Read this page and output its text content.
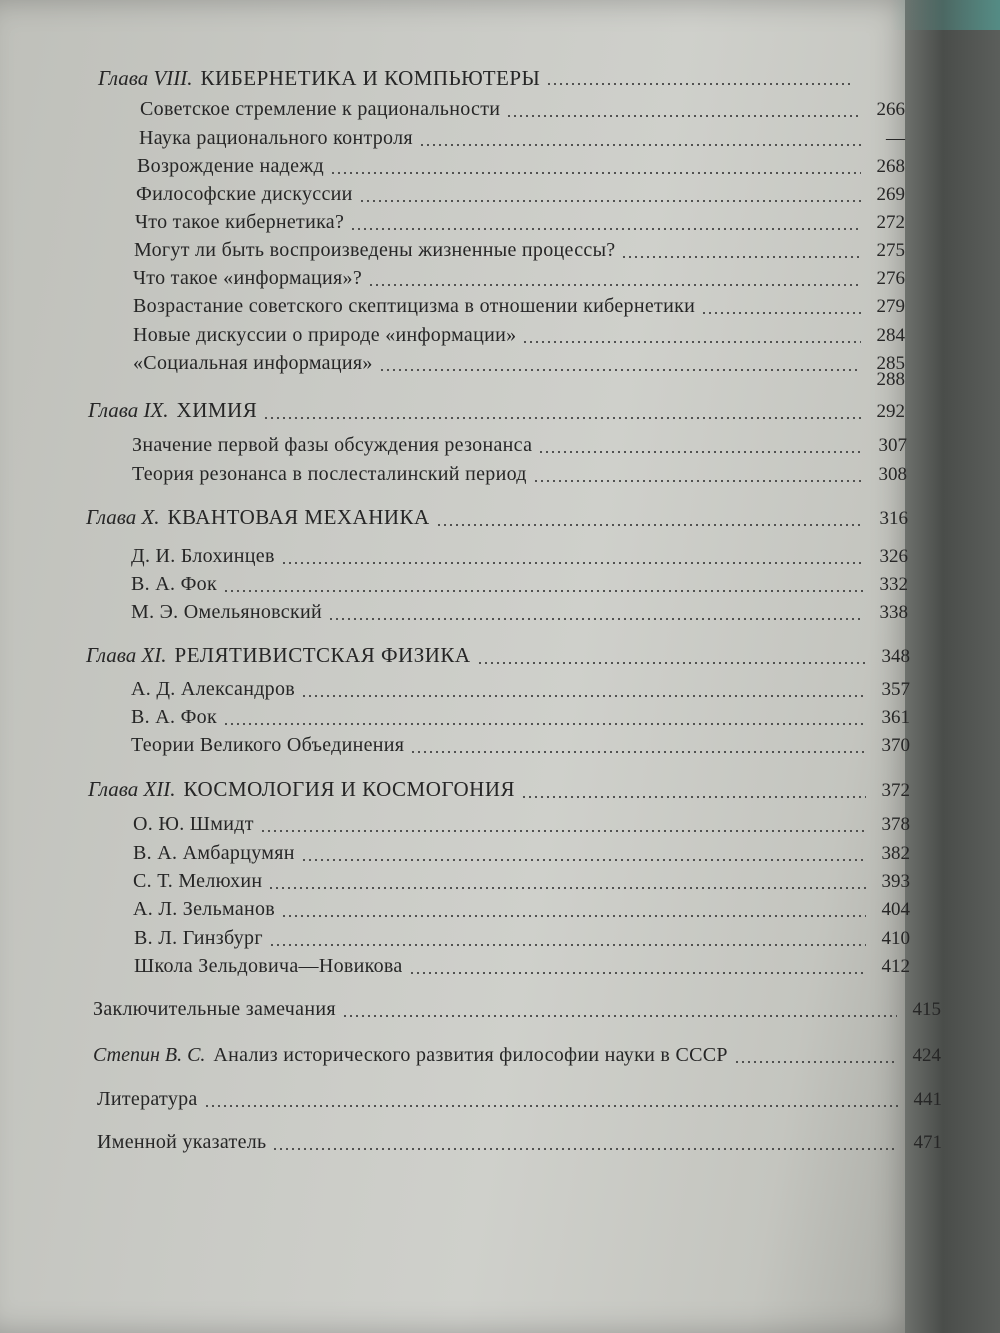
Глава VIII. КИБЕРНЕТИКА И КОМПЬЮТЕРЫ
Советское стремление к рациональности	266
Наука рационального контроля	—
Возрождение надежд	268
Философские дискуссии	269
Что такое кибернетика?	272
Могут ли быть воспроизведены жизненные процессы?	275
Что такое «информация»?	276
Возрастание советского скептицизма в отношении кибернетики	279
Новые дискуссии о природе «информации»	284
«Социальная информация»	285
288
Глава IX. ХИМИЯ	292
Значение первой фазы обсуждения резонанса	307
Теория резонанса в послесталинский период	308
Глава X. КВАНТОВАЯ МЕХАНИКА	316
Д. И. Блохинцев	326
В. А. Фок	332
М. Э. Омельяновский	338
Глава XI. РЕЛЯТИВИСТСКАЯ ФИЗИКА	348
А. Д. Александров	357
В. А. Фок	361
Теории Великого Объединения	370
Глава XII. КОСМОЛОГИЯ И КОСМОГОНИЯ	372
О. Ю. Шмидт	378
В. А. Амбарцумян	382
С. Т. Мелюхин	393
А. Л. Зельманов	404
В. Л. Гинзбург	410
Школа Зельдовича—Новикова	412
Заключительные замечания	415
Степин В. С. Анализ исторического развития философии науки в СССР	424
Литература	441
Именной указатель	471
